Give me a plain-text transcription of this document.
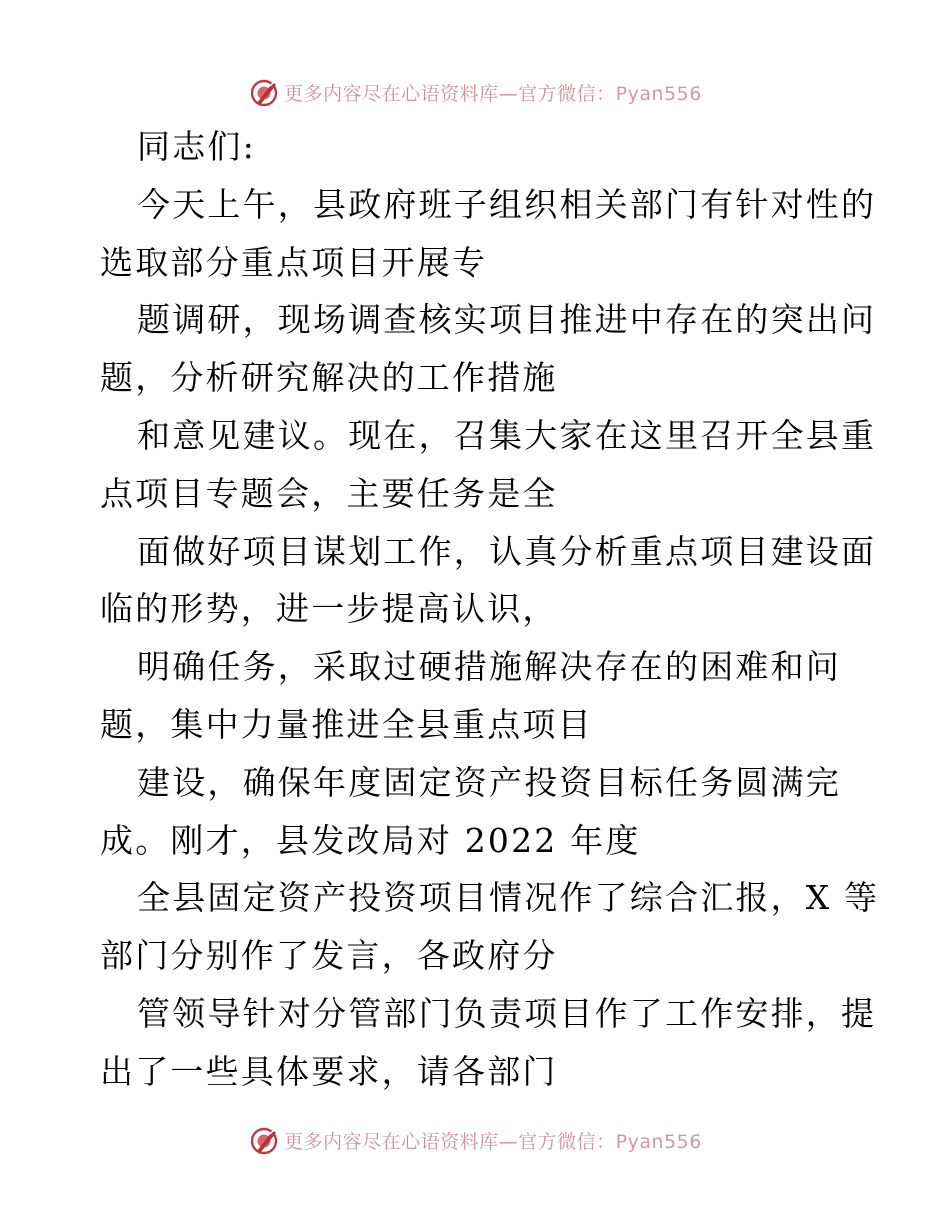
更多内容尽在心语资料库—官方微信：Pyan556
同志们:
今天上午，县政府班子组织相关部门有针对性的
选取部分重点项目开展专
题调研，现场调查核实项目推进中存在的突出问
题，分析研究解决的工作措施
和意见建议。现在，召集大家在这里召开全县重
点项目专题会，主要任务是全
面做好项目谋划工作，认真分析重点项目建设面
临的形势，进一步提高认识，
明确任务，采取过硬措施解决存在的困难和问
题，集中力量推进全县重点项目
建设，确保年度固定资产投资目标任务圆满完
成。刚才，县发改局对 2022 年度
全县固定资产投资项目情况作了综合汇报，X 等
部门分别作了发言，各政府分
管领导针对分管部门负责项目作了工作安排，提
出了一些具体要求，请各部门
更多内容尽在心语资料库—官方微信：Pyan556
